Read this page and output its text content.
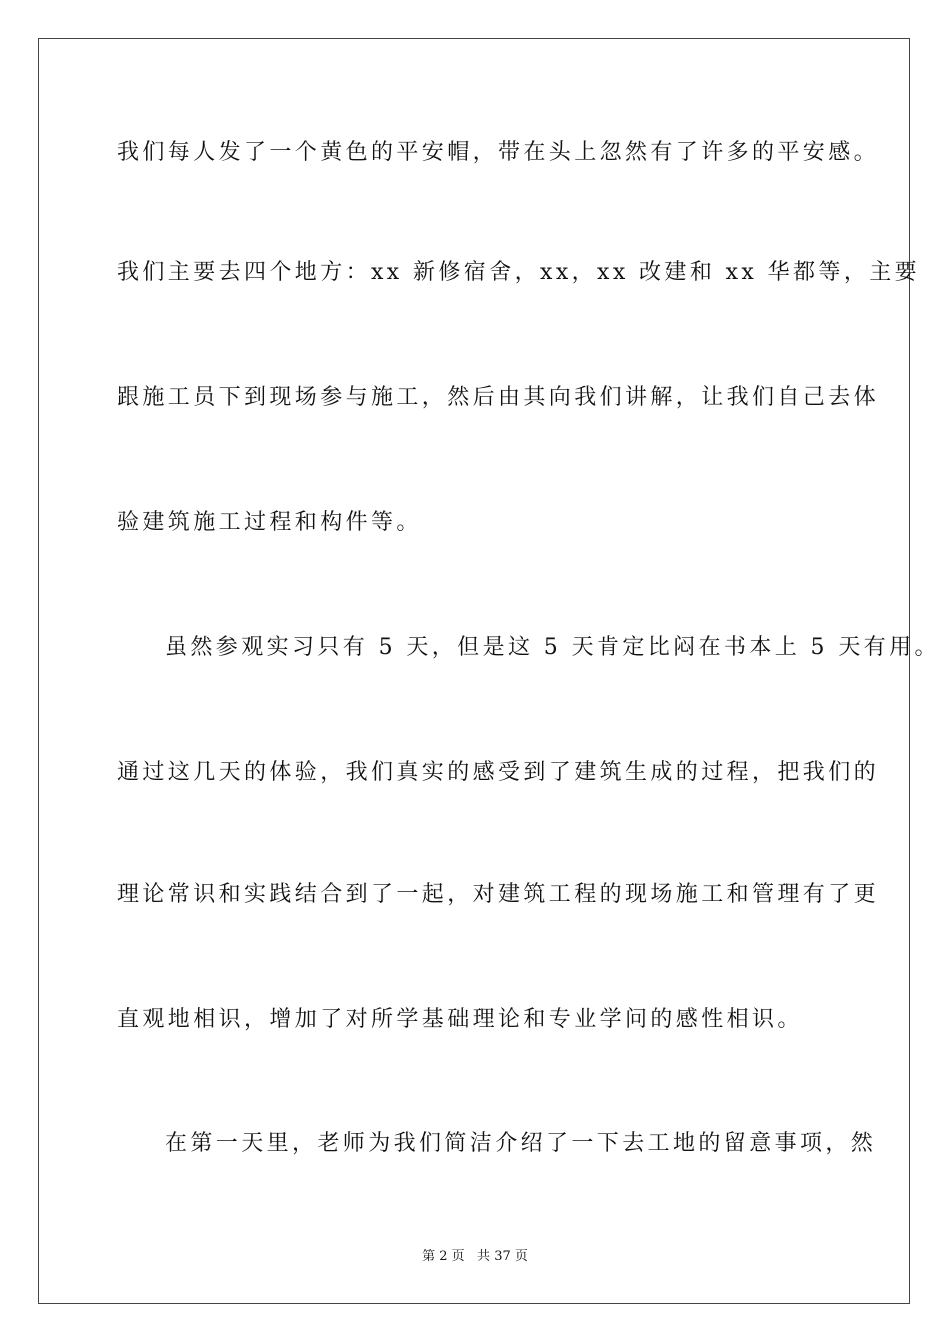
我们每人发了一个黄色的平安帽，带在头上忽然有了许多的平安感。
我们主要去四个地方：xx 新修宿舍，xx，xx 改建和 xx 华都等，主要
跟施工员下到现场参与施工，然后由其向我们讲解，让我们自己去体
验建筑施工过程和构件等。
虽然参观实习只有 5 天，但是这 5 天肯定比闷在书本上 5 天有用。
通过这几天的体验，我们真实的感受到了建筑生成的过程，把我们的
理论常识和实践结合到了一起，对建筑工程的现场施工和管理有了更
直观地相识，增加了对所学基础理论和专业学问的感性相识。
在第一天里，老师为我们简洁介绍了一下去工地的留意事项，然
第 2 页   共 37 页
